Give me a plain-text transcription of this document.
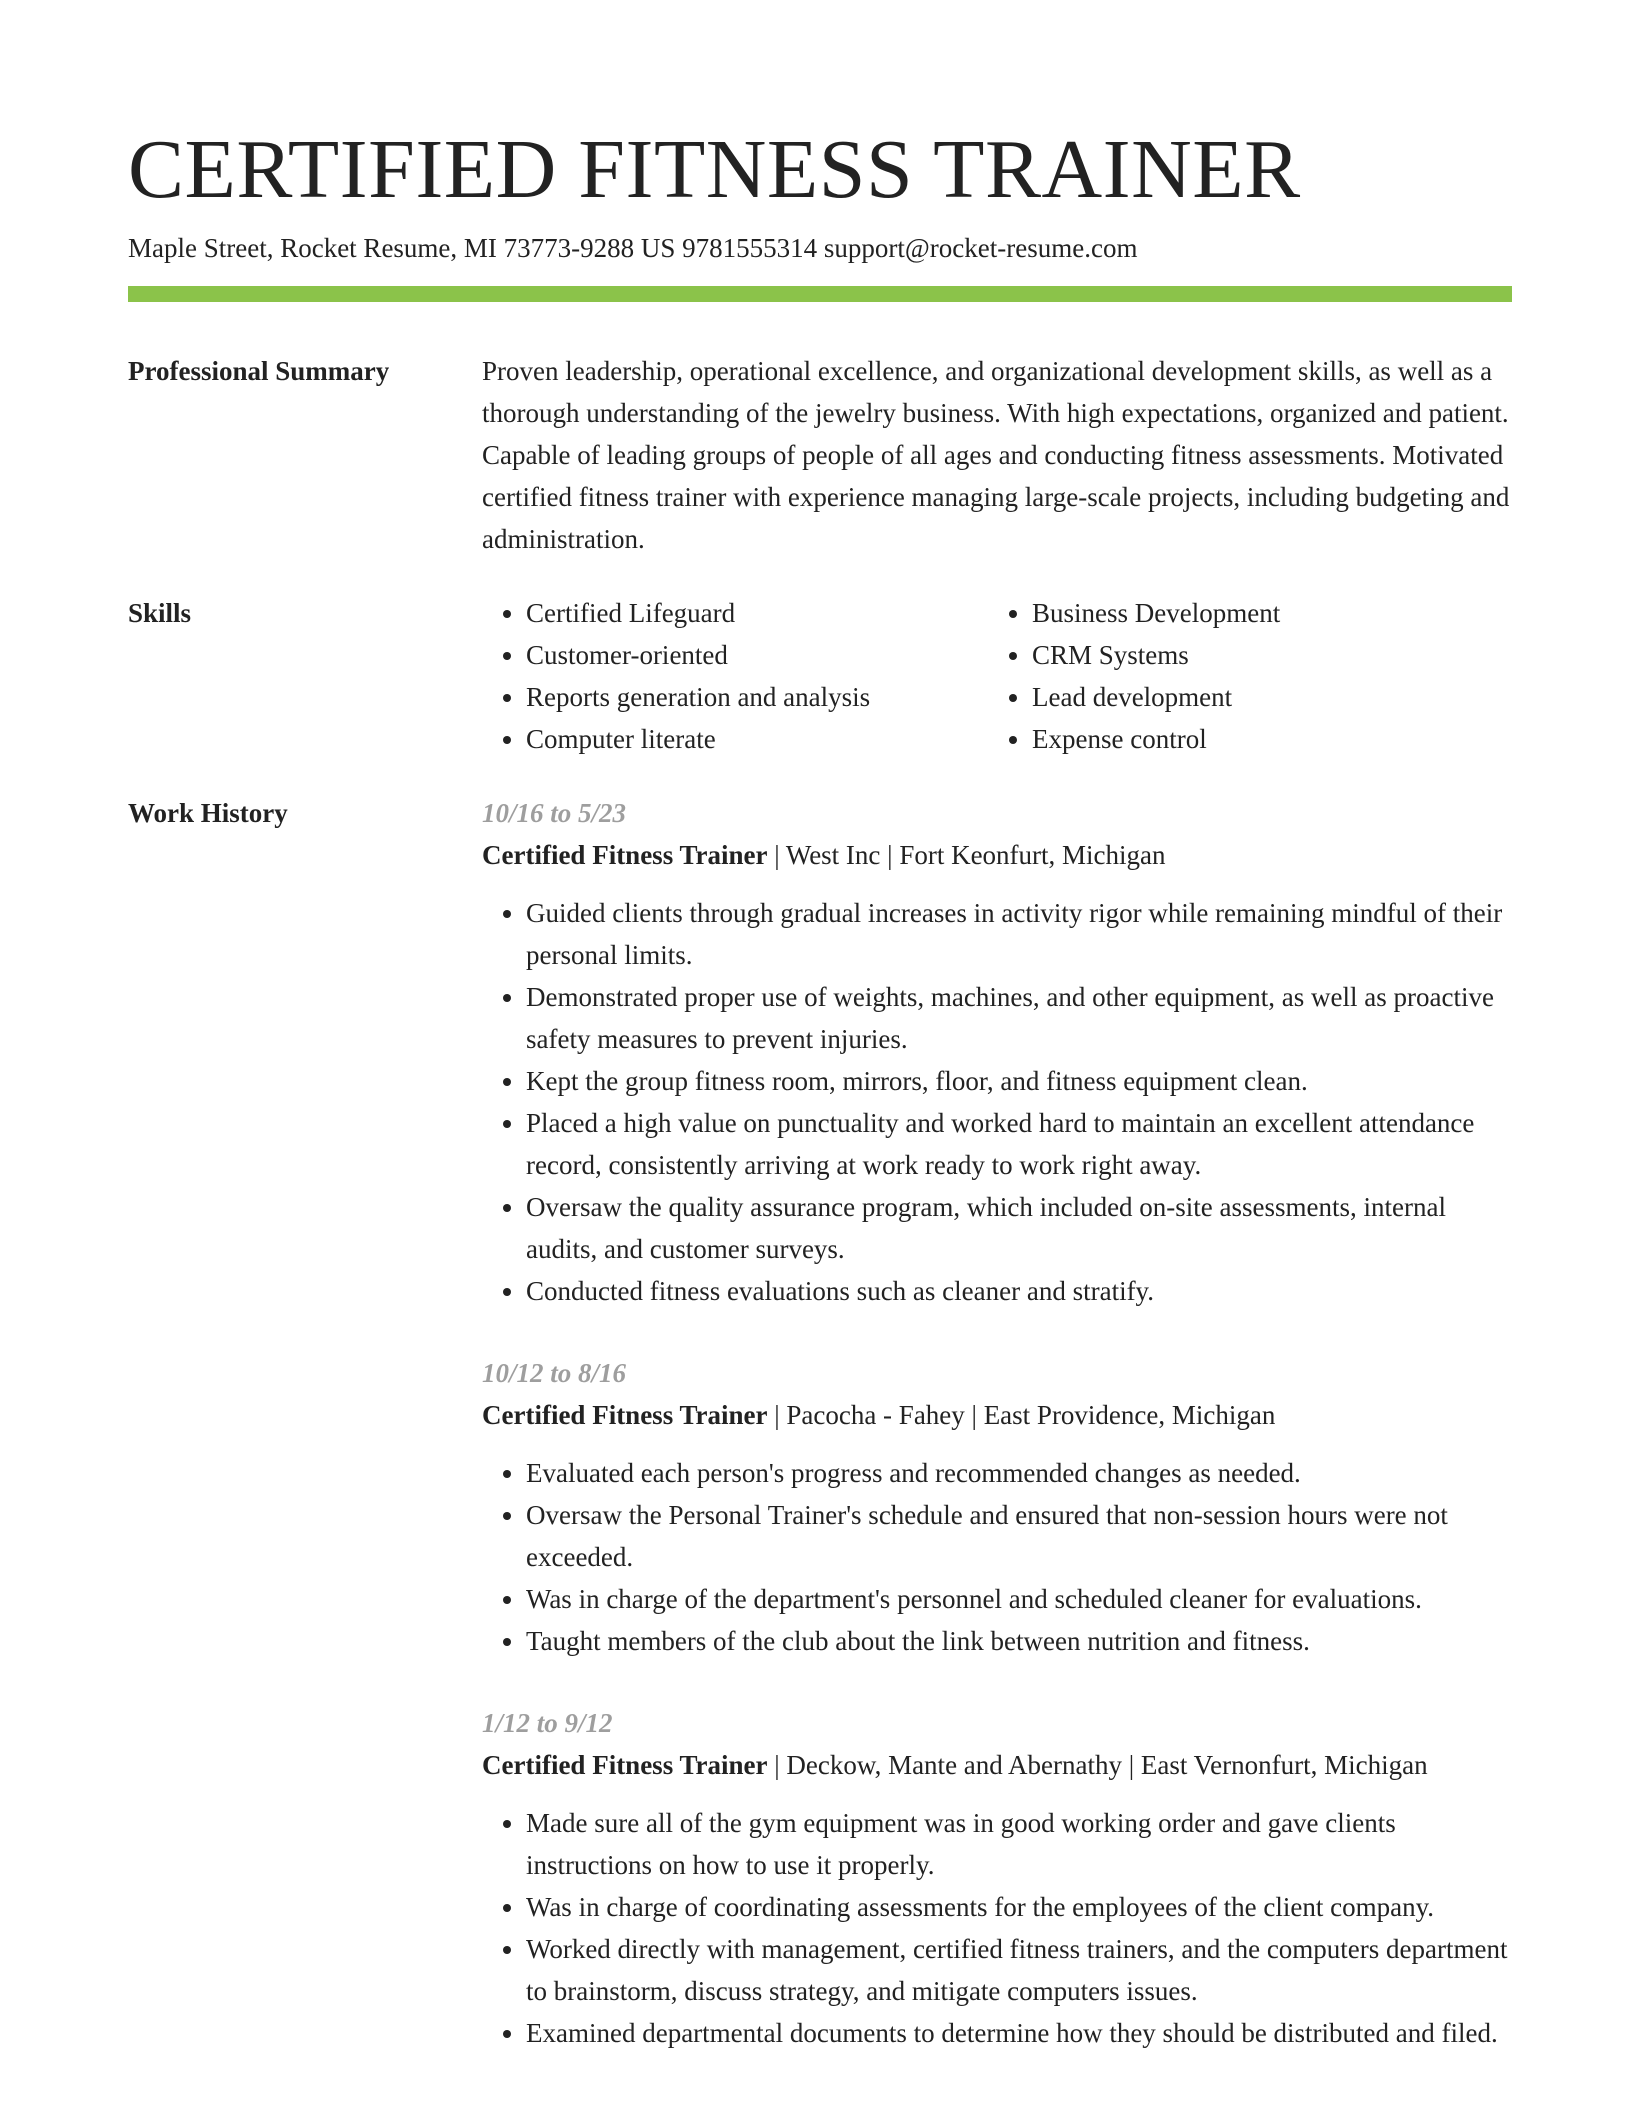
CERTIFIED FITNESS TRAINER
Maple Street, Rocket Resume, MI 73773-9288 US 9781555314 support@rocket-resume.com
Professional Summary	Proven leadership, operational excellence, and organizational development skills, as well as a thorough understanding of the jewelry business. With high expectations, organized and patient. Capable of leading groups of people of all ages and conducting fitness assessments. Motivated certified fitness trainer with experience managing large-scale projects, including budgeting and administration.

Skills
•	Certified Lifeguard
• Customer-oriented
• Reports generation and analysis
• Computer literate
• Business Development
• CRM Systems
• Lead development
• Expense control
Work History	10/16 to 5/23
Certified Fitness Trainer | West Inc | Fort Keonfurt, Michigan
• Guided clients through gradual increases in activity rigor while remaining mindful of their personal limits.
• Demonstrated proper use of weights, machines, and other equipment, as well as proactive safety measures to prevent injuries.
• Kept the group fitness room, mirrors, floor, and fitness equipment clean.
• Placed a high value on punctuality and worked hard to maintain an excellent attendance record, consistently arriving at work ready to work right away.
• Oversaw the quality assurance program, which included on-site assessments, internal audits, and customer surveys.
• Conducted fitness evaluations such as cleaner and stratify.
10/12 to 8/16
Certified Fitness Trainer | Pacocha - Fahey | East Providence, Michigan
• Evaluated each person's progress and recommended changes as needed.
• Oversaw the Personal Trainer's schedule and ensured that non-session hours were not exceeded.
• Was in charge of the department's personnel and scheduled cleaner for evaluations.
• Taught members of the club about the link between nutrition and fitness.
1/12 to 9/12
Certified Fitness Trainer | Deckow, Mante and Abernathy | East Vernonfurt, Michigan
• Made sure all of the gym equipment was in good working order and gave clients instructions on how to use it properly.
• Was in charge of coordinating assessments for the employees of the client company.
• Worked directly with management, certified fitness trainers, and the computers department to brainstorm, discuss strategy, and mitigate computers issues.
• Examined departmental documents to determine how they should be distributed and filed.
